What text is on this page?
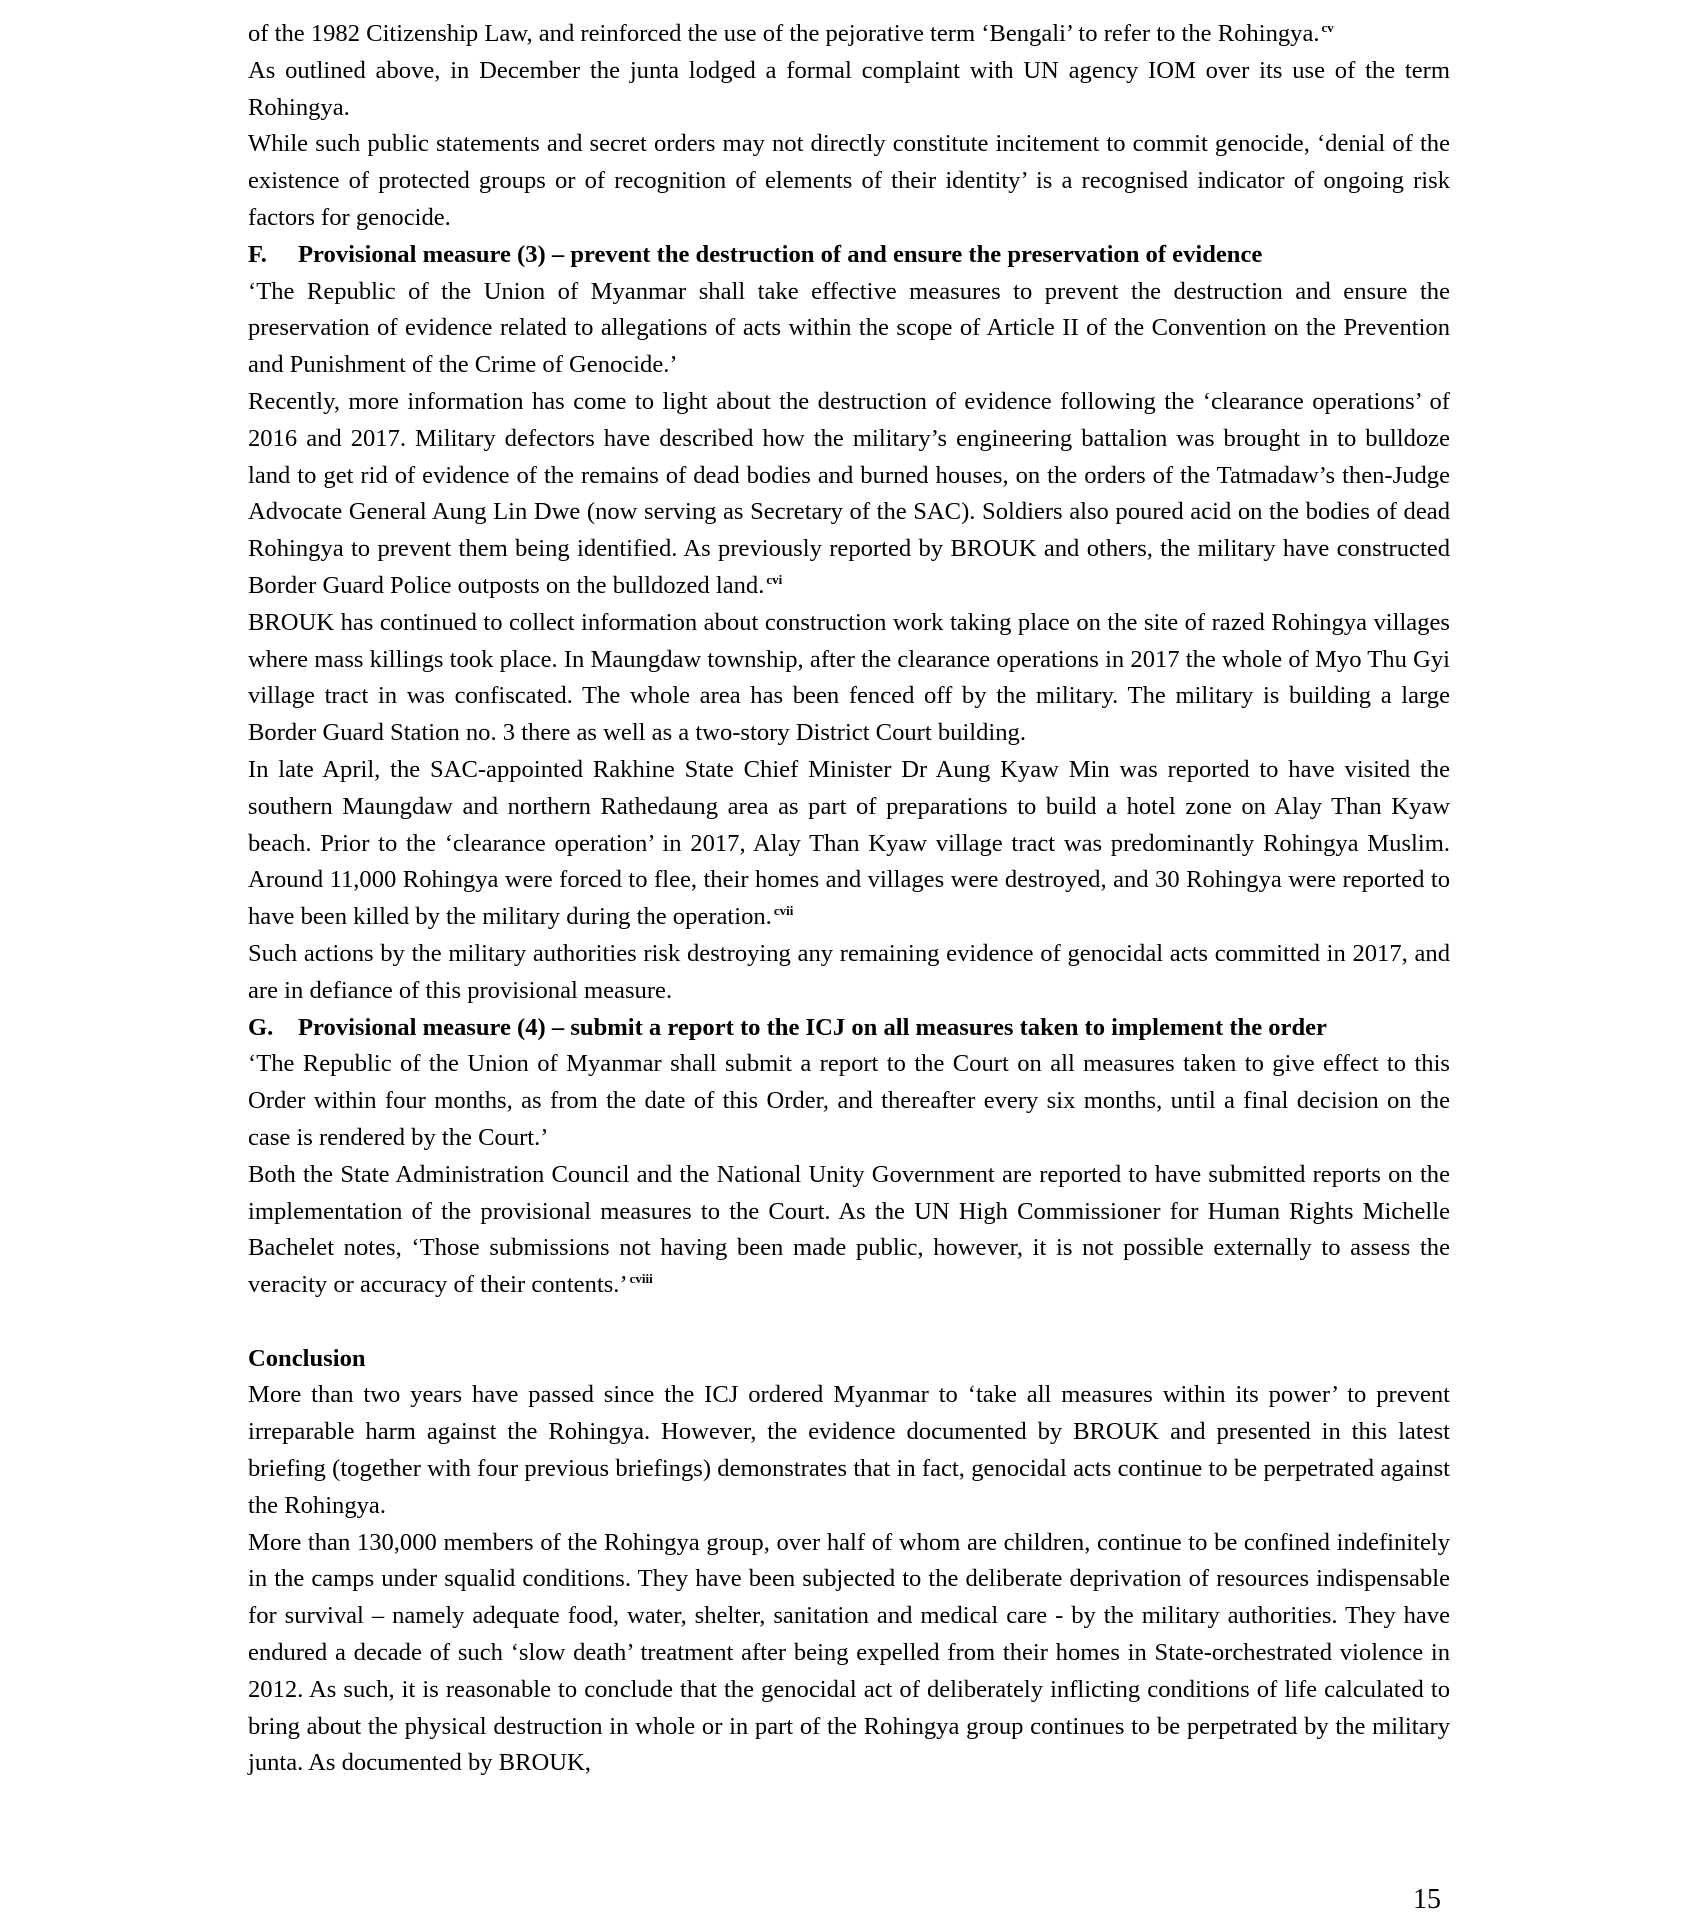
of the 1982 Citizenship Law, and reinforced the use of the pejorative term ‘Bengali’ to refer to the Rohingya. $^{cv}$

As outlined above, in December the junta lodged a formal complaint with UN agency IOM over its use of the term Rohingya.

While such public statements and secret orders may not directly constitute incitement to commit genocide, ‘denial of the existence of protected groups or of recognition of elements of their identity’ is a recognised indicator of ongoing risk factors for genocide.

F. Provisional measure (3) – prevent the destruction of and ensure the preservation of evidence

‘The Republic of the Union of Myanmar shall take effective measures to prevent the destruction and ensure the preservation of evidence related to allegations of acts within the scope of Article II of the Convention on the Prevention and Punishment of the Crime of Genocide.’

Recently, more information has come to light about the destruction of evidence following the ‘clearance operations’ of 2016 and 2017. Military defectors have described how the military’s engineering battalion was brought in to bulldoze land to get rid of evidence of the remains of dead bodies and burned houses, on the orders of the Tatmadaw’s then-Judge Advocate General Aung Lin Dwe (now serving as Secretary of the SAC). Soldiers also poured acid on the bodies of dead Rohingya to prevent them being identified. As previously reported by BROUK and others, the military have constructed Border Guard Police outposts on the bulldozed land. $^{cvi}$

BROUK has continued to collect information about construction work taking place on the site of razed Rohingya villages where mass killings took place. In Maungdaw township, after the clearance operations in 2017 the whole of Myo Thu Gyi village tract in was confiscated. The whole area has been fenced off by the military. The military is building a large Border Guard Station no. 3 there as well as a two-story District Court building.

In late April, the SAC-appointed Rakhine State Chief Minister Dr Aung Kyaw Min was reported to have visited the southern Maungdaw and northern Rathedaung area as part of preparations to build a hotel zone on Alay Than Kyaw beach. Prior to the ‘clearance operation’ in 2017, Alay Than Kyaw village tract was predominantly Rohingya Muslim. Around 11,000 Rohingya were forced to flee, their homes and villages were destroyed, and 30 Rohingya were reported to have been killed by the military during the operation. $^{cvii}$

Such actions by the military authorities risk destroying any remaining evidence of genocidal acts committed in 2017, and are in defiance of this provisional measure.

G. Provisional measure (4) – submit a report to the ICJ on all measures taken to implement the order

‘The Republic of the Union of Myanmar shall submit a report to the Court on all measures taken to give effect to this Order within four months, as from the date of this Order, and thereafter every six months, until a final decision on the case is rendered by the Court.’

Both the State Administration Council and the National Unity Government are reported to have submitted reports on the implementation of the provisional measures to the Court. As the UN High Commissioner for Human Rights Michelle Bachelet notes, ‘Those submissions not having been made public, however, it is not possible externally to assess the veracity or accuracy of their contents.’ $^{cviii}$

Conclusion

More than two years have passed since the ICJ ordered Myanmar to ‘take all measures within its power’ to prevent irreparable harm against the Rohingya. However, the evidence documented by BROUK and presented in this latest briefing (together with four previous briefings) demonstrates that in fact, genocidal acts continue to be perpetrated against the Rohingya.

More than 130,000 members of the Rohingya group, over half of whom are children, continue to be confined indefinitely in the camps under squalid conditions. They have been subjected to the deliberate deprivation of resources indispensable for survival – namely adequate food, water, shelter, sanitation and medical care - by the military authorities. They have endured a decade of such ‘slow death’ treatment after being expelled from their homes in State-orchestrated violence in 2012. As such, it is reasonable to conclude that the genocidal act of deliberately inflicting conditions of life calculated to bring about the physical destruction in whole or in part of the Rohingya group continues to be perpetrated by the military junta. As documented by BROUK,

15
